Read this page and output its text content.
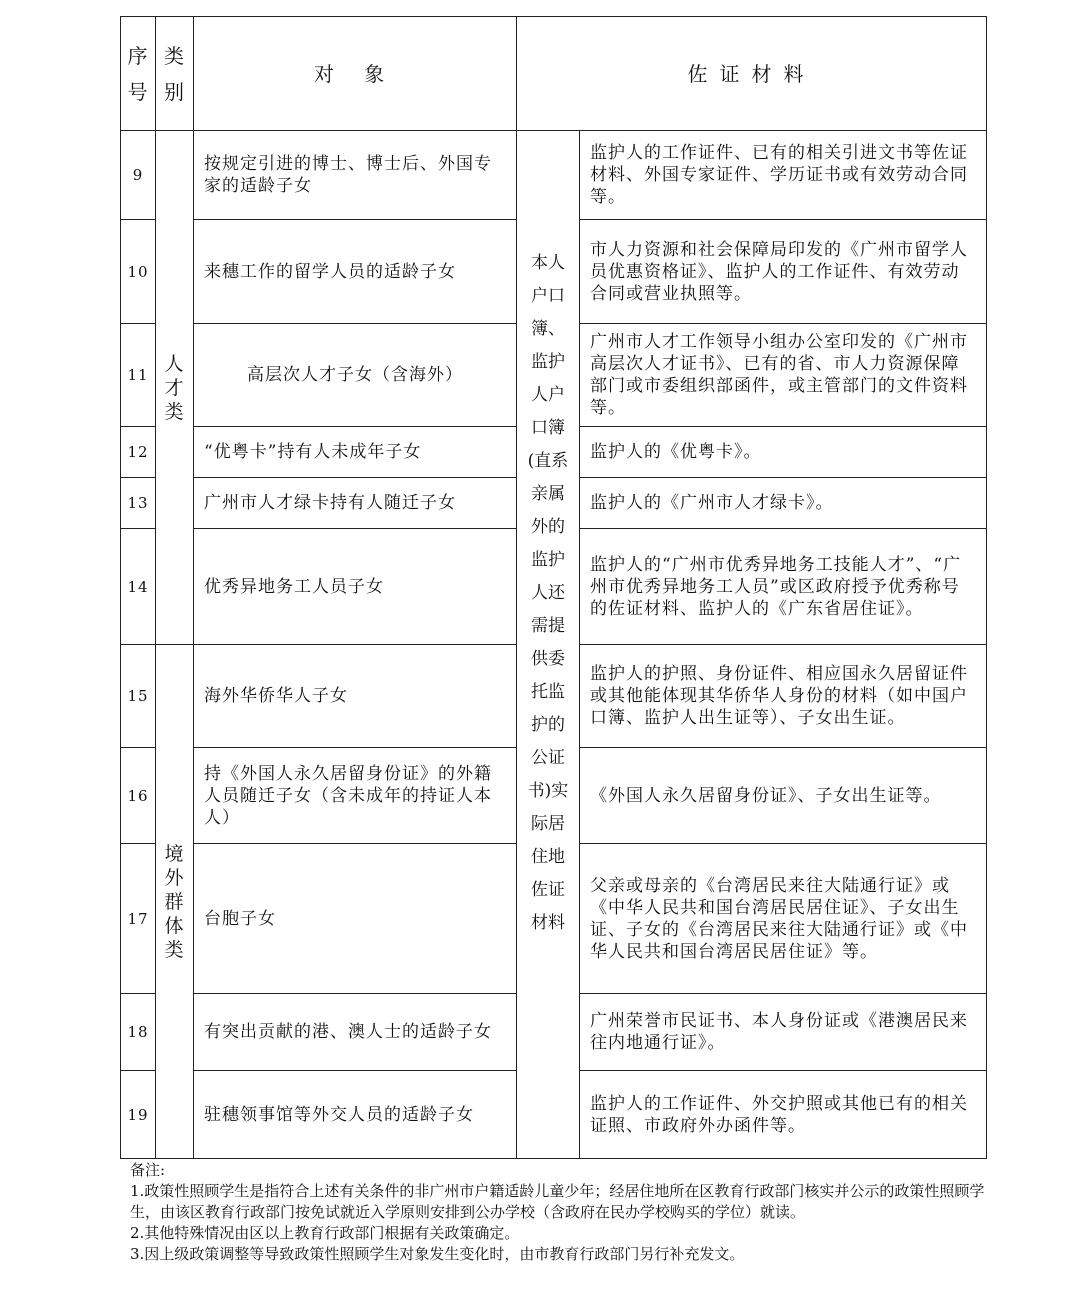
序号	类别	对 象	佐证材料	
9	人才类	按规定引进的博士、博士后、外国专家的适龄子女	本人户口簿、监护人户口簿(直系亲属外的监护人还需提供委托监护的公证书)实际居住地佐证材料	监护人的工作证件、已有的相关引进文书等佐证材料、外国专家证件、学历证书或有效劳动合同等。
10		来穗工作的留学人员的适龄子女		市人力资源和社会保障局印发的《广州市留学人员优惠资格证》、监护人的工作证件、有效劳动合同或营业执照等。
11		高层次人才子女（含海外）		广州市人才工作领导小组办公室印发的《广州市高层次人才证书》、已有的省、市人力资源保障部门或市委组织部函件，或主管部门的文件资料等。
12		“优粤卡”持有人未成年子女		监护人的《优粤卡》。
13		广州市人才绿卡持有人随迁子女		监护人的《广州市人才绿卡》。
14		优秀异地务工人员子女		监护人的“广州市优秀异地务工技能人才”、“广州市优秀异地务工人员”或区政府授予优秀称号的佐证材料、监护人的《广东省居住证》。
15	境外群体类	海外华侨华人子女		监护人的护照、身份证件、相应国永久居留证件或其他能体现其华侨华人身份的材料（如中国户口簿、监护人出生证等）、子女出生证。
16		持《外国人永久居留身份证》的外籍人员随迁子女（含未成年的持证人本人）		《外国人永久居留身份证》、子女出生证等。
17		台胞子女		父亲或母亲的《台湾居民来往大陆通行证》或《中华人民共和国台湾居民居住证》、子女出生证、子女的《台湾居民来往大陆通行证》或《中华人民共和国台湾居民居住证》等。
18		有突出贡献的港、澳人士的适龄子女		广州荣誉市民证书、本人身份证或《港澳居民来往内地通行证》。
19		驻穗领事馆等外交人员的适龄子女		监护人的工作证件、外交护照或其他已有的相关证照、市政府外办函件等。

备注:

1.政策性照顾学生是指符合上述有关条件的非广州市户籍适龄儿童少年；经居住地所在区教育行政部门核实并公示的政策性照顾学生，由该区教育行政部门按免试就近入学原则安排到公办学校（含政府在民办学校购买的学位）就读。

2.其他特殊情况由区以上教育行政部门根据有关政策确定。

3.因上级政策调整等导致政策性照顾学生对象发生变化时，由市教育行政部门另行补充发文。
